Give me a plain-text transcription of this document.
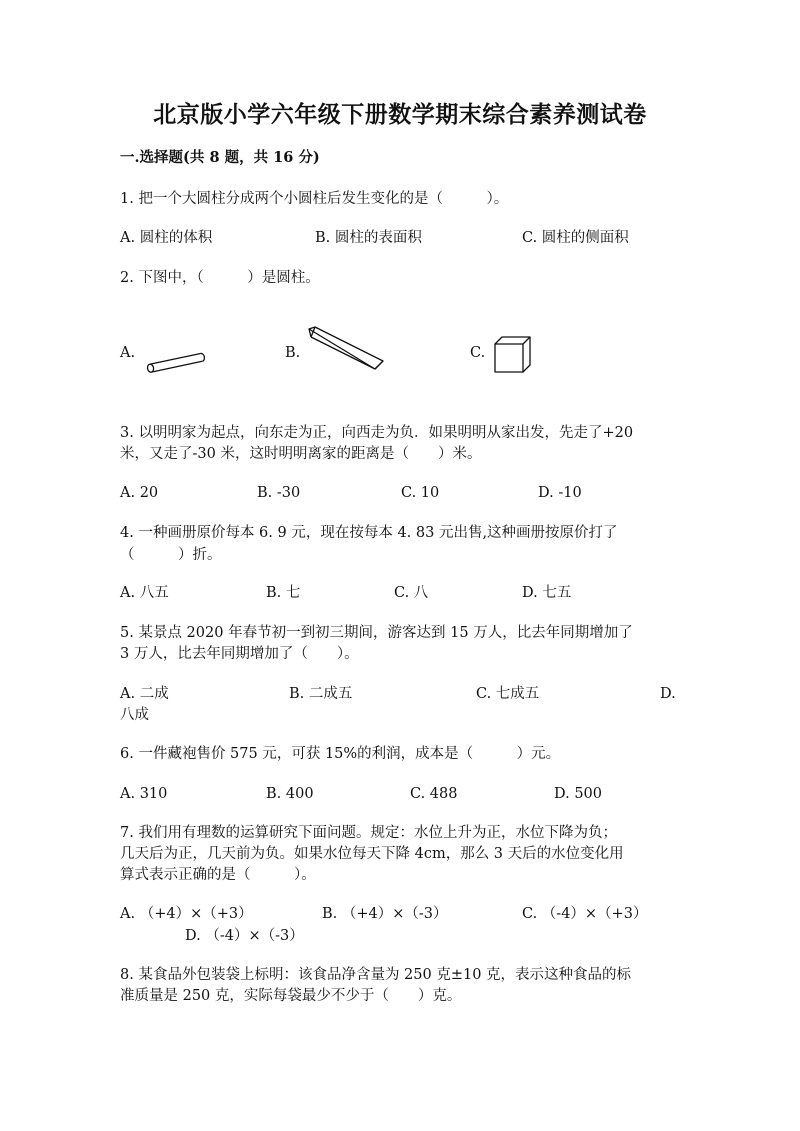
北京版小学六年级下册数学期末综合素养测试卷
一.选择题(共 8 题，共 16 分)
1. 把一个大圆柱分成两个小圆柱后发生变化的是（　　　）。
A. 圆柱的体积	B. 圆柱的表面积	C. 圆柱的侧面积
2. 下图中，（　　　）是圆柱。
A.	B.	C.
3. 以明明家为起点，向东走为正，向西走为负．如果明明从家出发，先走了+20
米，又走了-30 米，这时明明离家的距离是（　　）米。
A. 20	B. -30	C. 10	D. -10
4. 一种画册原价每本 6. 9 元，现在按每本 4. 83 元出售,这种画册按原价打了
（　　　）折。
A. 八五	B. 七	C. 八	D. 七五
5. 某景点 2020 年春节初一到初三期间，游客达到 15 万人，比去年同期增加了
3 万人，比去年同期增加了（　　）。
A. 二成	B. 二成五	C. 七成五	D.
八成
6. 一件藏袍售价 575 元，可获 15%的利润，成本是（　　　）元。
A. 310	B. 400	C. 488	D. 500
7. 我们用有理数的运算研究下面问题。规定：水位上升为正，水位下降为负；
几天后为正，几天前为负。如果水位每天下降 4cm，那么 3 天后的水位变化用
算式表示正确的是（　　　）。
A. （+4）×（+3）	B. （+4）×（-3）	C. （-4）×（+3）
D. （-4）×（-3）
8. 某食品外包装袋上标明：该食品净含量为 250 克±10 克，表示这种食品的标
准质量是 250 克，实际每袋最少不少于（　　）克。
